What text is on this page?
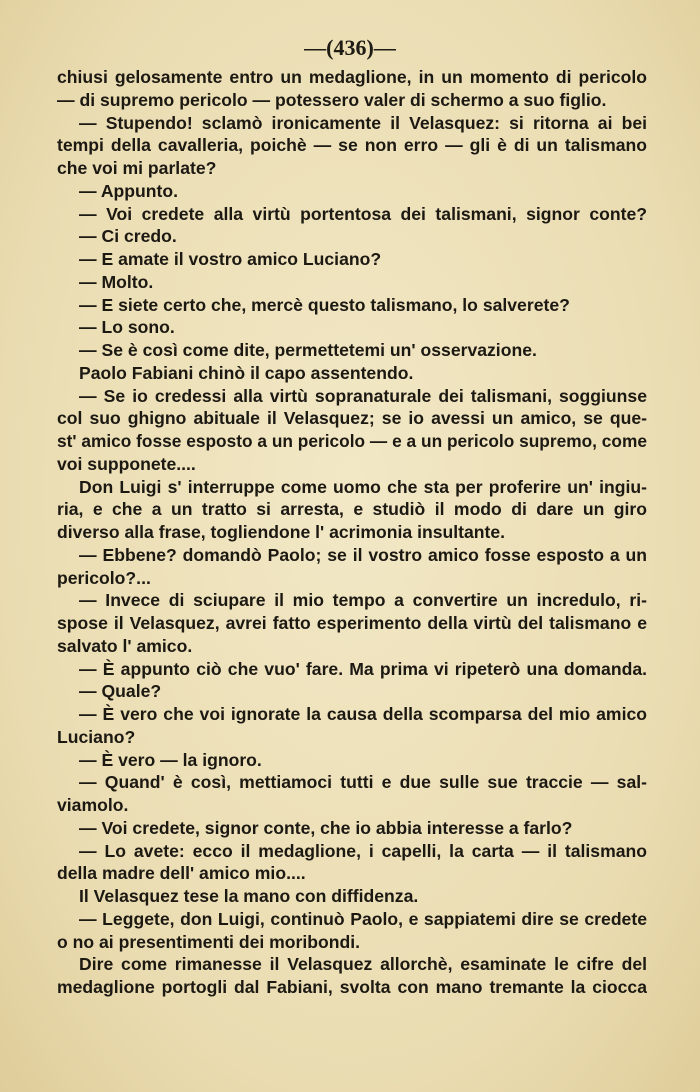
—(436)—
chiusi gelosamente entro un medaglione, in un momento di pericolo
— di supremo pericolo — potessero valer di schermo a suo figlio.
— Stupendo! sclamò ironicamente il Velasquez: si ritorna ai bei
tempi della cavalleria, poichè — se non erro — gli è di un talismano
che voi mi parlate?
— Appunto.
— Voi credete alla virtù portentosa dei talismani, signor conte?
— Ci credo.
— E amate il vostro amico Luciano?
— Molto.
— E siete certo che, mercè questo talismano, lo salverete?
— Lo sono.
— Se è così come dite, permettetemi un' osservazione.
Paolo Fabiani chinò il capo assentendo.
— Se io credessi alla virtù sopranaturale dei talismani, soggiunse
col suo ghigno abituale il Velasquez; se io avessi un amico, se que-
st' amico fosse esposto a un pericolo — e a un pericolo supremo, come
voi supponete....
Don Luigi s' interruppe come uomo che sta per proferire un' ingiu-
ria, e che a un tratto si arresta, e studiò il modo di dare un giro
diverso alla frase, togliendone l' acrimonia insultante.
— Ebbene? domandò Paolo; se il vostro amico fosse esposto a un
pericolo?...
— Invece di sciupare il mio tempo a convertire un incredulo, ri-
spose il Velasquez, avrei fatto esperimento della virtù del talismano e
salvato l' amico.
— È appunto ciò che vuo' fare. Ma prima vi ripeterò una domanda.
— Quale?
— È vero che voi ignorate la causa della scomparsa del mio amico
Luciano?
— È vero — la ignoro.
— Quand' è così, mettiamoci tutti e due sulle sue traccie — sal-
viamolo.
— Voi credete, signor conte, che io abbia interesse a farlo?
— Lo avete: ecco il medaglione, i capelli, la carta — il talismano
della madre dell' amico mio....
Il Velasquez tese la mano con diffidenza.
— Leggete, don Luigi, continuò Paolo, e sappiatemi dire se credete
o no ai presentimenti dei moribondi.
Dire come rimanesse il Velasquez allorchè, esaminate le cifre del
medaglione portogli dal Fabiani, svolta con mano tremante la ciocca
